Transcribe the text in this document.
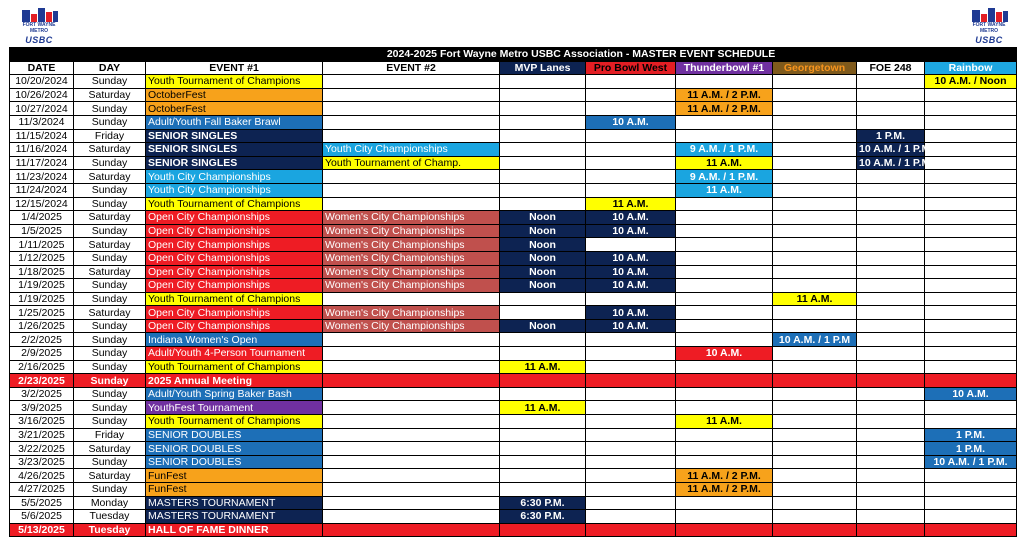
FORT WAYNE
METRO
USBC
FORT WAYNE
METRO
USBC
		2024-2025 Fort Wayne Metro USBC Association - MASTER EVENT SCHEDULE							
DATE	DAY	EVENT #1	EVENT #2	MVP Lanes	Pro Bowl West	Thunderbowl #1	Georgetown	FOE 248	Rainbow
10/20/2024	Sunday	Youth Tournament of Champions							10 A.M. / Noon
10/26/2024	Saturday	OctoberFest				11 A.M. / 2 P.M.			
10/27/2024	Sunday	OctoberFest				11 A.M. / 2 P.M.			
11/3/2024	Sunday	Adult/Youth Fall Baker Brawl			10 A.M.				
11/15/2024	Friday	SENIOR SINGLES						1 P.M.	
11/16/2024	Saturday	SENIOR SINGLES	Youth City Championships			9 A.M. / 1 P.M.		10 A.M. / 1 P.M.	
11/17/2024	Sunday	SENIOR SINGLES	Youth Tournament of Champ.			11 A.M.		10 A.M. / 1 P.M.	
11/23/2024	Saturday	Youth City Championships				9 A.M. / 1 P.M.			
11/24/2024	Sunday	Youth City Championships				11 A.M.			
12/15/2024	Sunday	Youth Tournament of Champions			11 A.M.				
1/4/2025	Saturday	Open City Championships	Women's City Championships	Noon	10 A.M.				
1/5/2025	Sunday	Open City Championships	Women's City Championships	Noon	10 A.M.				
1/11/2025	Saturday	Open City Championships	Women's City Championships	Noon					
1/12/2025	Sunday	Open City Championships	Women's City Championships	Noon	10 A.M.				
1/18/2025	Saturday	Open City Championships	Women's City Championships	Noon	10 A.M.				
1/19/2025	Sunday	Open City Championships	Women's City Championships	Noon	10 A.M.				
1/19/2025	Sunday	Youth Tournament of Champions					11 A.M.		
1/25/2025	Saturday	Open City Championships	Women's City Championships		10 A.M.				
1/26/2025	Sunday	Open City Championships	Women's City Championships	Noon	10 A.M.				
2/2/2025	Sunday	Indiana Women's Open					10 A.M. / 1 P.M		
2/9/2025	Sunday	Adult/Youth 4-Person Tournament				10 A.M.			
2/16/2025	Sunday	Youth Tournament of Champions		11 A.M.					
2/23/2025	Sunday	2025 Annual Meeting							
3/2/2025	Sunday	Adult/Youth Spring Baker Bash							10 A.M.
3/9/2025	Sunday	YouthFest Tournament		11 A.M.					
3/16/2025	Sunday	Youth Tournament of Champions				11 A.M.			
3/21/2025	Friday	SENIOR DOUBLES							1 P.M.
3/22/2025	Saturday	SENIOR DOUBLES							1 P.M.
3/23/2025	Sunday	SENIOR DOUBLES							10 A.M. / 1 P.M.
4/26/2025	Saturday	FunFest				11 A.M. / 2 P.M.			
4/27/2025	Sunday	FunFest				11 A.M. / 2 P.M.			
5/5/2025	Monday	MASTERS TOURNAMENT		6:30 P.M.					
5/6/2025	Tuesday	MASTERS TOURNAMENT		6:30 P.M.					
5/13/2025	Tuesday	HALL OF FAME DINNER							
